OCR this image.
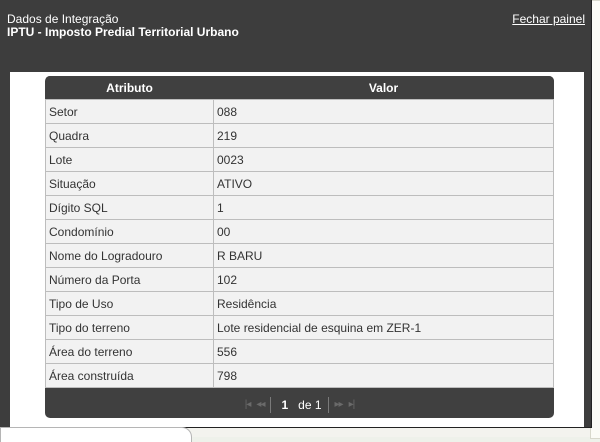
Dados de Integração
IPTU - Imposto Predial Territorial Urbano
Fechar painel
Atributo	Valor
Setor	088
Quadra	219
Lote	0023
Situação	ATIVO
Dígito SQL	1
Condomínio	00
Nome do Logradouro	R BARU
Número da Porta	102
Tipo de Uso	Residência
Tipo do terreno	Lote residencial de esquina em ZER-1
Área do terreno	556
Área construída	798
|◂ ◂◂	1 de 1 ▸▸ ▸|
